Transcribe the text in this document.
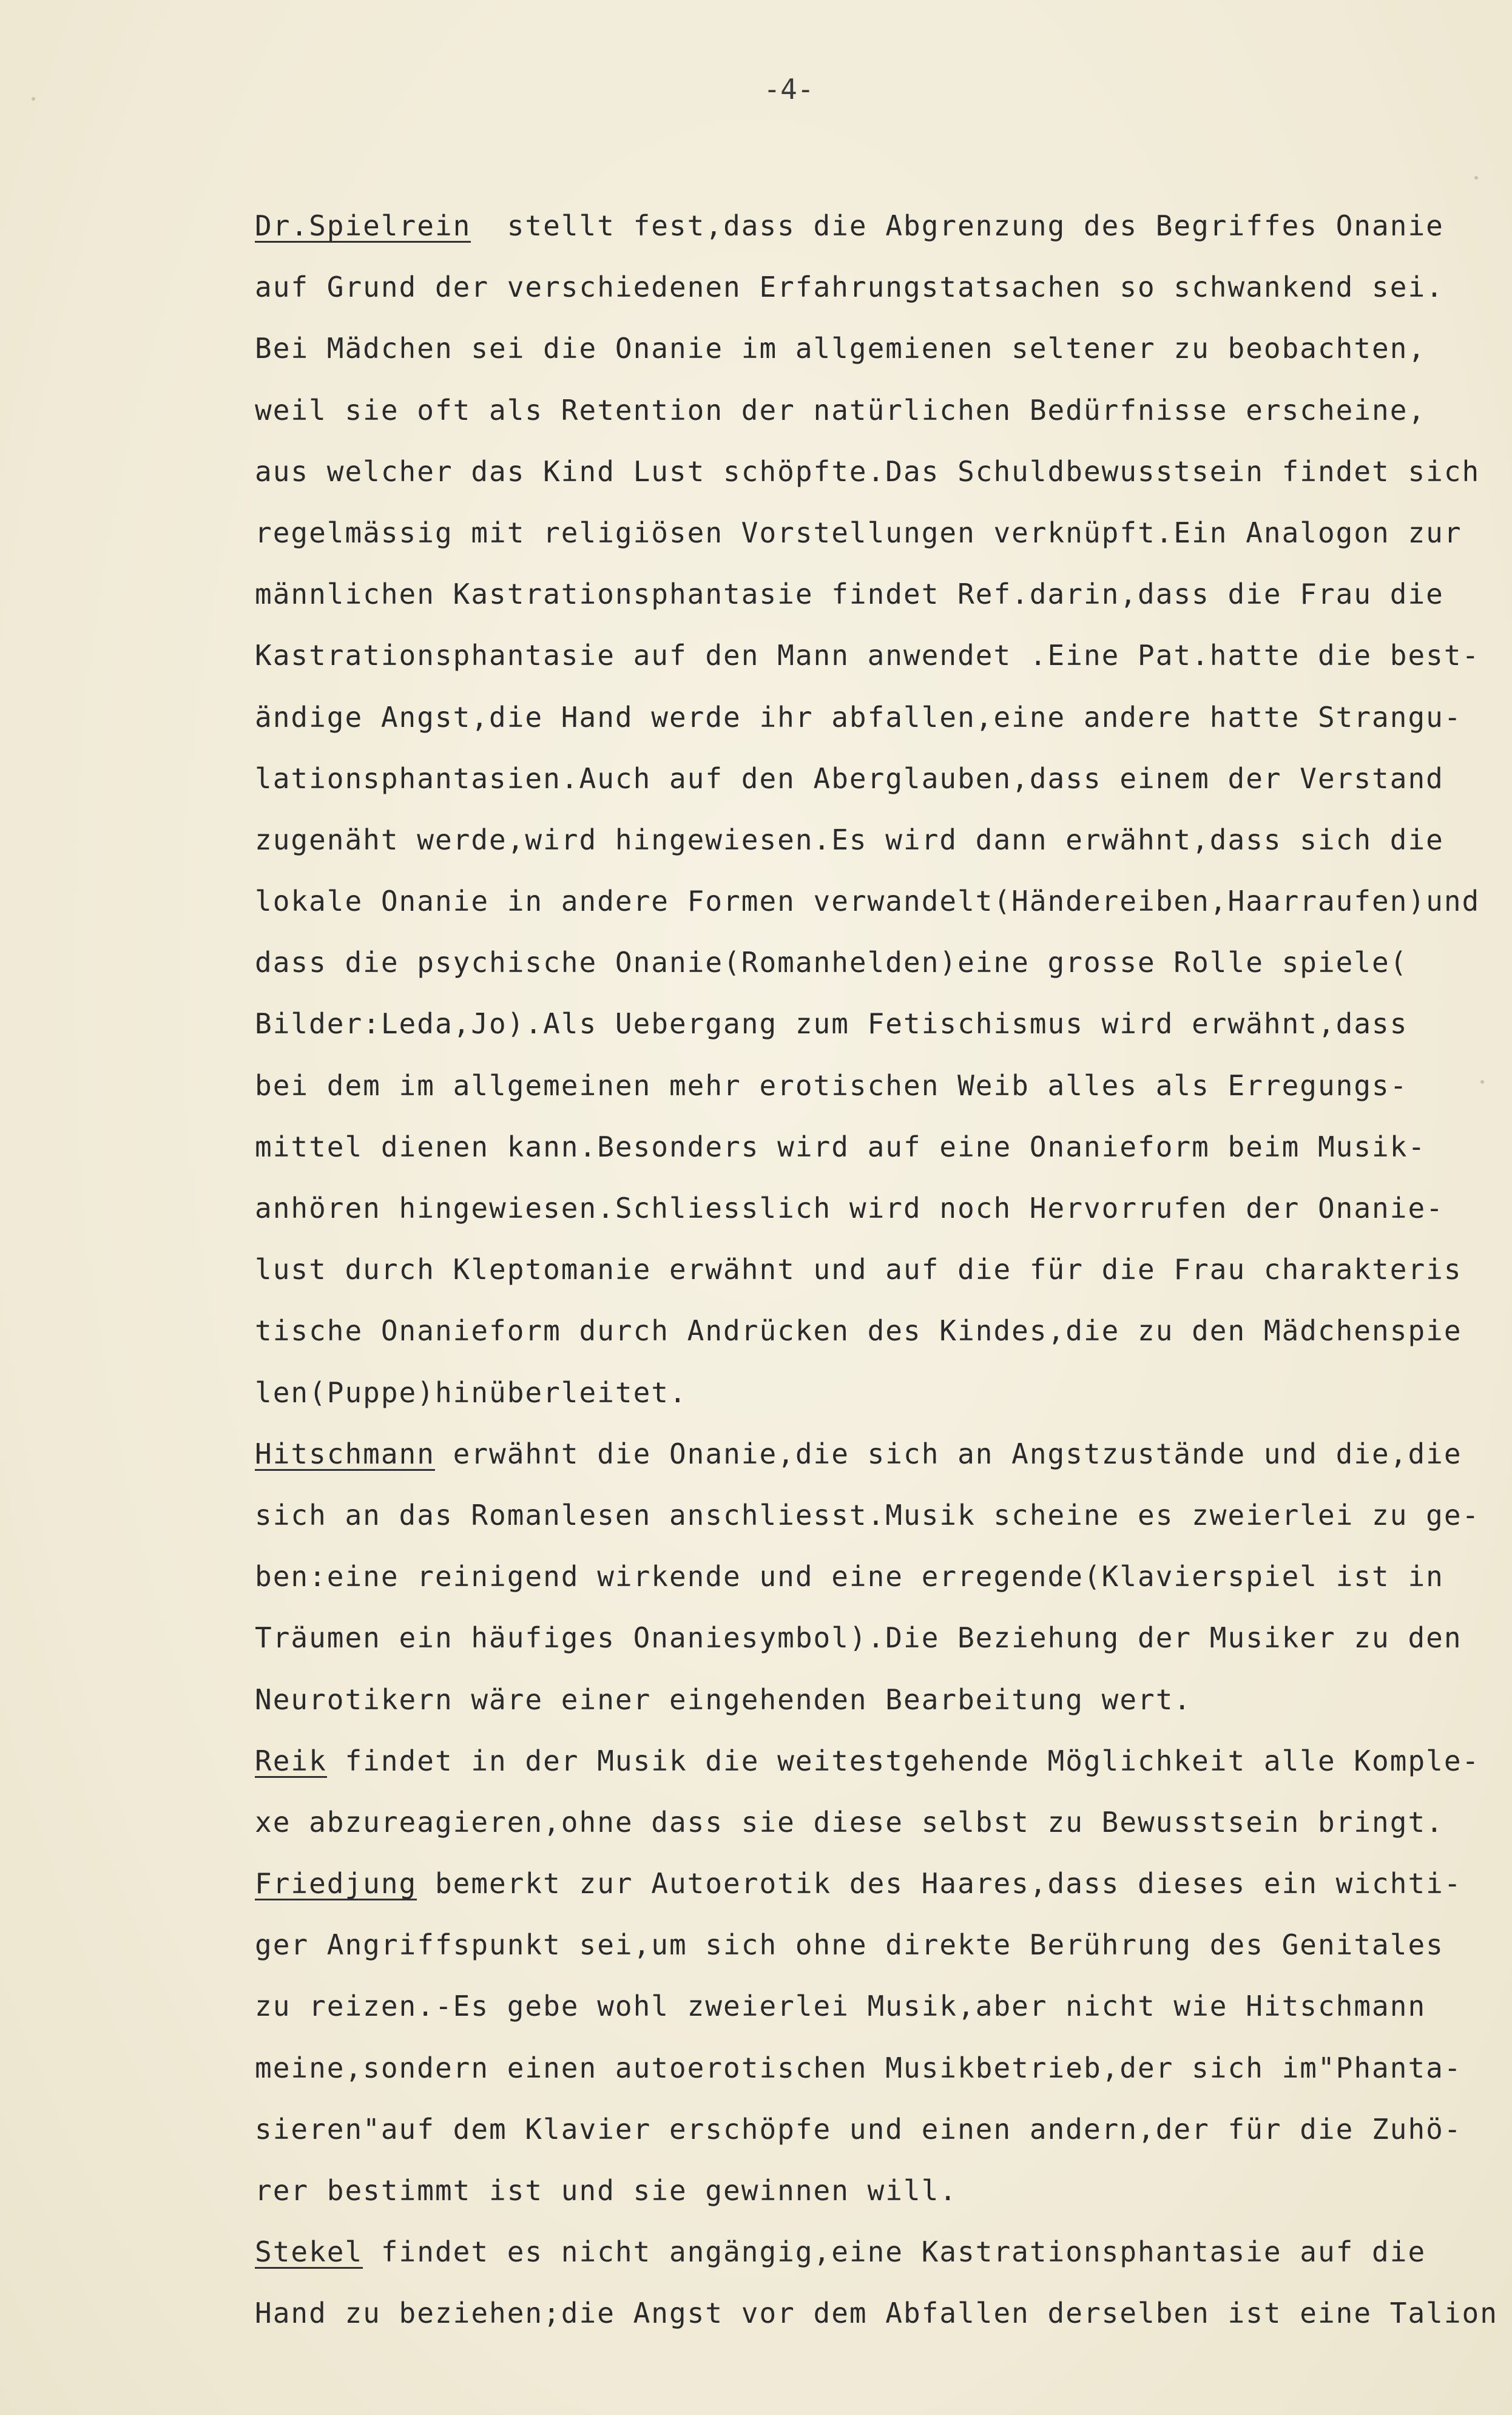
-4-
Dr.Spielrein  stellt fest,dass die Abgrenzung des Begriffes Onanie
auf Grund der verschiedenen Erfahrungstatsachen so schwankend sei.
Bei Mädchen sei die Onanie im allgemienen seltener zu beobachten,
weil sie oft als Retention der natürlichen Bedürfnisse erscheine,
aus welcher das Kind Lust schöpfte.Das Schuldbewusstsein findet sich
regelmässig mit religiösen Vorstellungen verknüpft.Ein Analogon zur
männlichen Kastrationsphantasie findet Ref.darin,dass die Frau die
Kastrationsphantasie auf den Mann anwendet .Eine Pat.hatte die best-
ändige Angst,die Hand werde ihr abfallen,eine andere hatte Strangu-
lationsphantasien.Auch auf den Aberglauben,dass einem der Verstand
zugenäht werde,wird hingewiesen.Es wird dann erwähnt,dass sich die
lokale Onanie in andere Formen verwandelt(Händereiben,Haarraufen)und
dass die psychische Onanie(Romanhelden)eine grosse Rolle spiele(
Bilder:Leda,Jo).Als Uebergang zum Fetischismus wird erwähnt,dass
bei dem im allgemeinen mehr erotischen Weib alles als Erregungs-
mittel dienen kann.Besonders wird auf eine Onanieform beim Musik-
anhören hingewiesen.Schliesslich wird noch Hervorrufen der Onanie-
lust durch Kleptomanie erwähnt und auf die für die Frau charakteris
tische Onanieform durch Andrücken des Kindes,die zu den Mädchenspie
len(Puppe)hinüberleitet.
Hitschmann erwähnt die Onanie,die sich an Angstzustände und die,die
sich an das Romanlesen anschliesst.Musik scheine es zweierlei zu ge-
ben:eine reinigend wirkende und eine erregende(Klavierspiel ist in
Träumen ein häufiges Onaniesymbol).Die Beziehung der Musiker zu den
Neurotikern wäre einer eingehenden Bearbeitung wert.
Reik findet in der Musik die weitestgehende Möglichkeit alle Komple-
xe abzureagieren,ohne dass sie diese selbst zu Bewusstsein bringt.
Friedjung bemerkt zur Autoerotik des Haares,dass dieses ein wichti-
ger Angriffspunkt sei,um sich ohne direkte Berührung des Genitales
zu reizen.-Es gebe wohl zweierlei Musik,aber nicht wie Hitschmann
meine,sondern einen autoerotischen Musikbetrieb,der sich im"Phanta-
sieren"auf dem Klavier erschöpfe und einen andern,der für die Zuhö-
rer bestimmt ist und sie gewinnen will.
Stekel findet es nicht angängig,eine Kastrationsphantasie auf die
Hand zu beziehen;die Angst vor dem Abfallen derselben ist eine Talion
